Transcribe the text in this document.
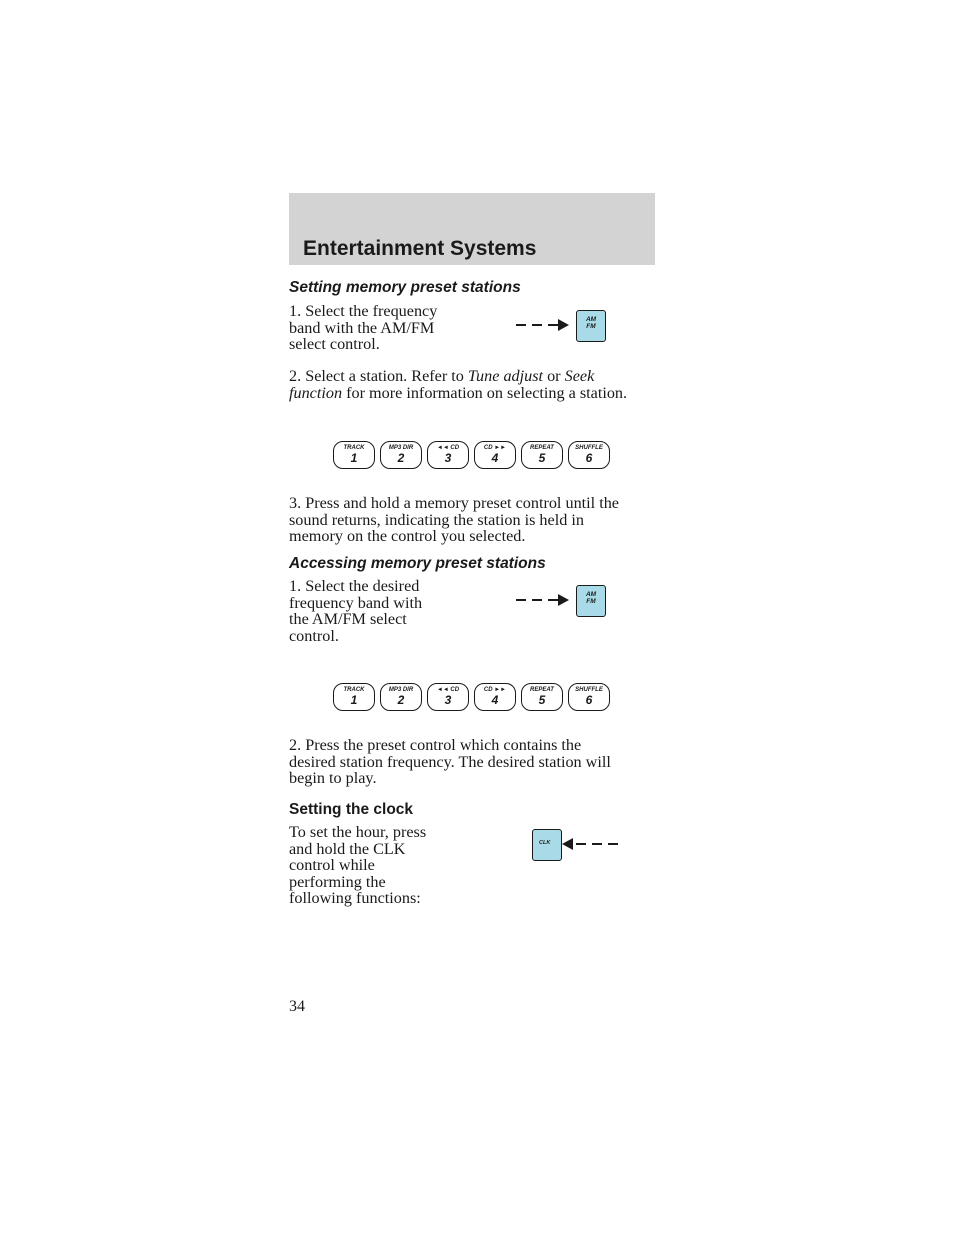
Entertainment Systems
Setting memory preset stations

1. Select the frequency
band with the AM/FM
select control.

AM
FM

2. Select a station. Refer to Tune adjust or Seek
function for more information on selecting a station.

TRACK
1
MP3 DIR
2
◄◄ CD
3
CD ►►
4
REPEAT
5
SHUFFLE
6

3. Press and hold a memory preset control until the
sound returns, indicating the station is held in
memory on the control you selected.

Accessing memory preset stations

1. Select the desired
frequency band with
the AM/FM select
control.

AM
FM
TRACK
1
MP3 DIR
2
◄◄ CD
3
CD ►►
4
REPEAT
5
SHUFFLE
6

2. Press the preset control which contains the
desired station frequency. The desired station will
begin to play.

Setting the clock

To set the hour, press
and hold the CLK
control while
performing the
following functions:

CLK
34
